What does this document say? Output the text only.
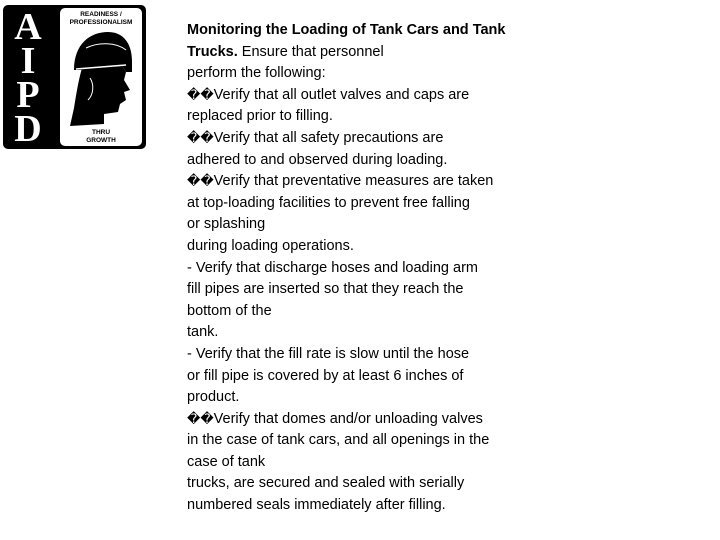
A
I
P
D
READINESS /
PROFESSIONALISM
THRU
GROWTH

Monitoring the Loading of Tank Cars and Tank Trucks. Ensure that personnel
perform the following:

��Verify that all outlet valves and caps are
replaced prior to filling.

��Verify that all safety precautions are
adhered to and observed during loading.

��Verify that preventative measures are taken
at top-loading facilities to prevent free falling
or splashing
during loading operations.

- Verify that discharge hoses and loading arm
fill pipes are inserted so that they reach the
bottom of the
tank.

- Verify that the fill rate is slow until the hose
or fill pipe is covered by at least 6 inches of
product.

��Verify that domes and/or unloading valves
in the case of tank cars, and all openings in the
case of tank
trucks, are secured and sealed with serially
numbered seals immediately after filling.
